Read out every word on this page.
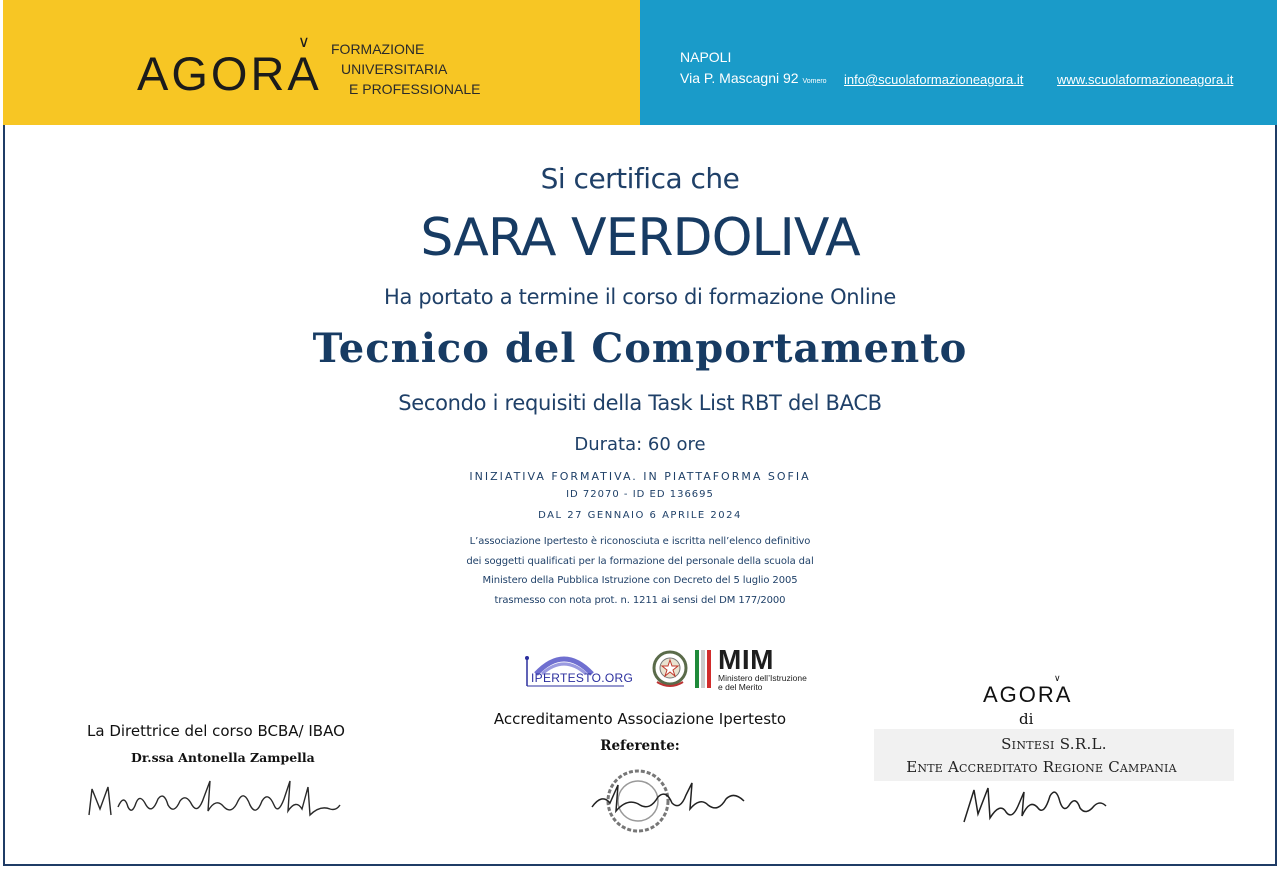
AGORA
∨ FORMAZIONE
UNIVERSITARIA
E PROFESSIONALE
NAPOLI
Via P. Mascagni 92 Vomero info@scuolaformazioneagora.it	www.scuolaformazioneagora.it
Si certifica che
SARA VERDOLIVA
Ha portato a termine il corso di formazione Online
Tecnico del Comportamento
Secondo i requisiti della Task List RBT del BACB
Durata: 60 ore
INIZIATIVA FORMATIVA. IN PIATTAFORMA SOFIA
ID 72070 - ID ED 136695
DAL 27 GENNAIO 6 APRILE 2024
L’associazione Ipertesto è riconosciuta e iscritta nell’elenco definitivo
dei soggetti qualificati per la formazione del personale della scuola dal
Ministero della Pubblica Istruzione con Decreto del 5 luglio 2005
trasmesso con nota prot. n. 1211 ai sensi del DM 177/2000
IPERTESTO.ORG
MIM
Ministero dell’Istruzione
e del Merito
La Direttrice del corso BCBA/ IBAO
Dr.ssa Antonella Zampella
Accreditamento Associazione Ipertesto
Referente:
AGORA
∨
di
Sintesi S.R.L.
Ente Accreditato Regione Campania
